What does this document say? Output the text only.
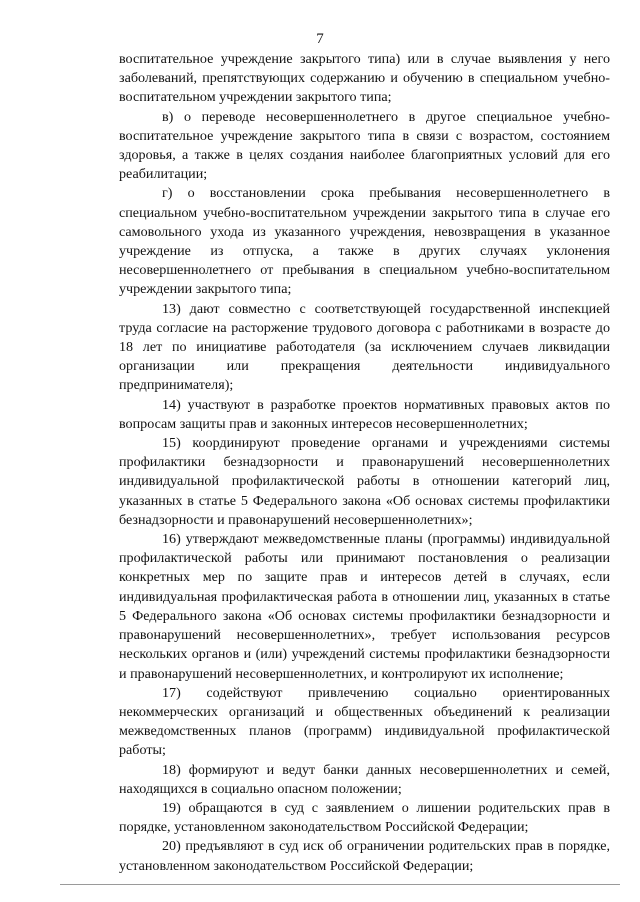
7

воспитательное учреждение закрытого типа) или в случае выявления у него заболеваний, препятствующих содержанию и обучению в специальном учебно-воспитательном учреждении закрытого типа;

в) о переводе несовершеннолетнего в другое специальное учебно-воспитательное учреждение закрытого типа в связи с возрастом, состоянием здоровья, а также в целях создания наиболее благоприятных условий для его реабилитации;

г) о восстановлении срока пребывания несовершеннолетнего в специальном учебно-воспитательном учреждении закрытого типа в случае его самовольного ухода из указанного учреждения, невозвращения в указанное учреждение из отпуска, а также в других случаях уклонения несовершеннолетнего от пребывания в специальном учебно-воспитательном учреждении закрытого типа;

13) дают совместно с соответствующей государственной инспекцией труда согласие на расторжение трудового договора с работниками в возрасте до 18 лет по инициативе работодателя (за исключением случаев ликвидации организации или прекращения деятельности индивидуального предпринимателя);

14) участвуют в разработке проектов нормативных правовых актов по вопросам защиты прав и законных интересов несовершеннолетних;

15) координируют проведение органами и учреждениями системы профилактики безнадзорности и правонарушений несовершеннолетних индивидуальной профилактической работы в отношении категорий лиц, указанных в статье 5 Федерального закона «Об основах системы профилактики безнадзорности и правонарушений несовершеннолетних»;

16) утверждают межведомственные планы (программы) индивидуальной профилактической работы или принимают постановления о реализации конкретных мер по защите прав и интересов детей в случаях, если индивидуальная профилактическая работа в отношении лиц, указанных в статье 5 Федерального закона «Об основах системы профилактики безнадзорности и правонарушений несовершеннолетних», требует использования ресурсов нескольких органов и (или) учреждений системы профилактики безнадзорности и правонарушений несовершеннолетних, и контролируют их исполнение;

17) содействуют привлечению социально ориентированных некоммерческих организаций и общественных объединений к реализации межведомственных планов (программ) индивидуальной профилактической работы;

18) формируют и ведут банки данных несовершеннолетних и семей, находящихся в социально опасном положении;

19) обращаются в суд с заявлением о лишении родительских прав в порядке, установленном законодательством Российской Федерации;

20) предъявляют в суд иск об ограничении родительских прав в порядке, установленном законодательством Российской Федерации;
